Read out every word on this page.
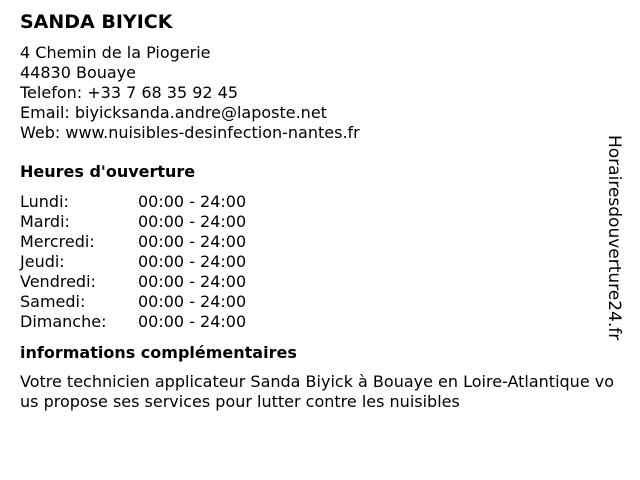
SANDA BIYICK
4 Chemin de la Piogerie
44830 Bouaye
Telefon: +33 7 68 35 92 45
Email: biyicksanda.andre@laposte.net
Web: www.nuisibles-desinfection-nantes.fr
Heures d'ouverture
Lundi:	00:00 - 24:00
Mardi:	00:00 - 24:00
Mercredi:	00:00 - 24:00
Jeudi:	00:00 - 24:00
Vendredi:	00:00 - 24:00
Samedi:	00:00 - 24:00
Dimanche:	00:00 - 24:00
informations complémentaires
Votre technicien applicateur Sanda Biyick à Bouaye en Loire-Atlantique vous propose ses services pour lutter contre les nuisibles
Horairesdouverture24.fr
